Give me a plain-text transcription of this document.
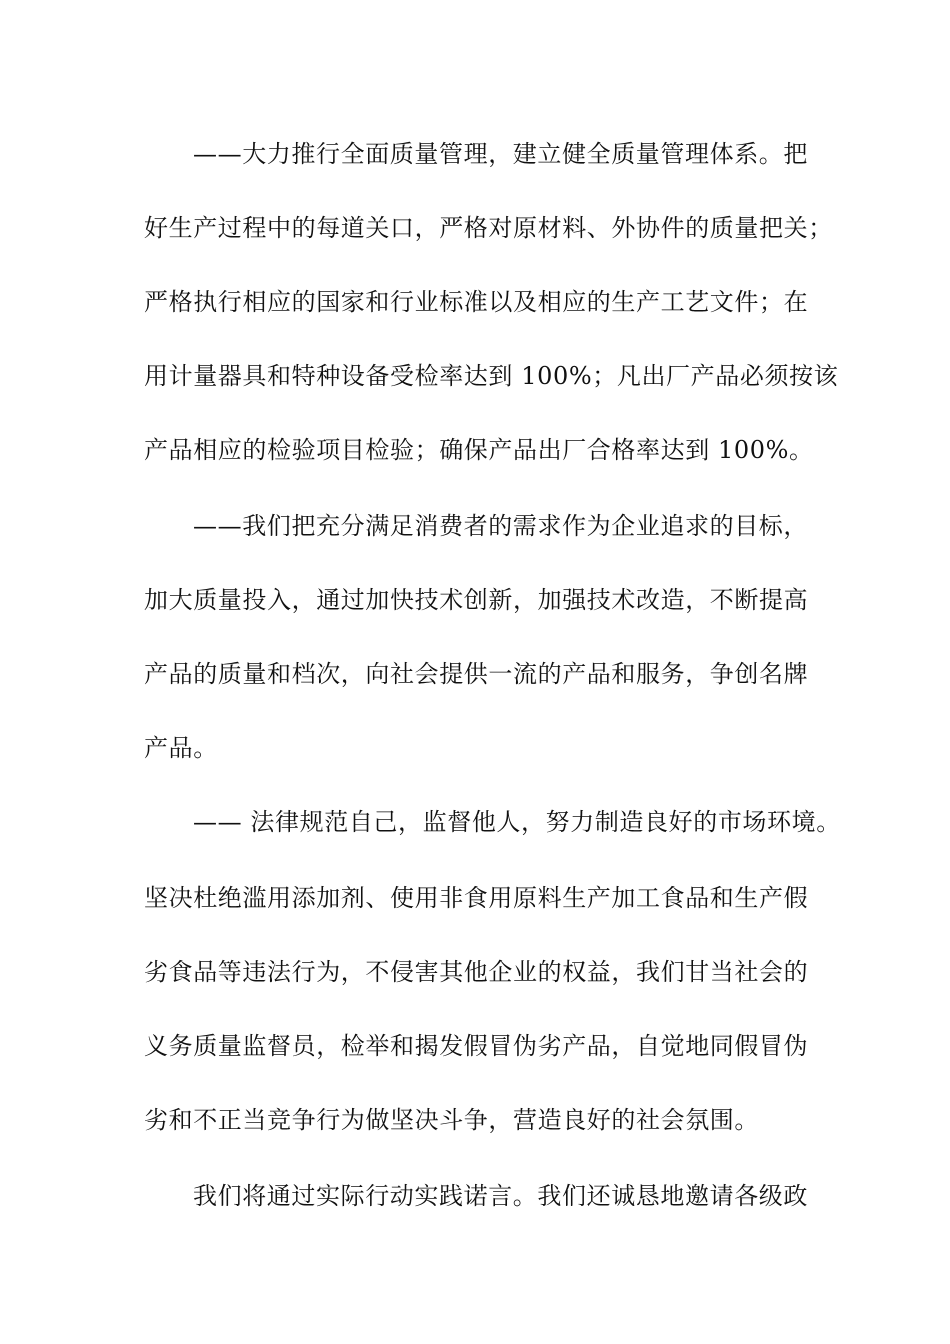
——大力推行全面质量管理，建立健全质量管理体系。把
好生产过程中的每道关口，严格对原材料、外协件的质量把关；
严格执行相应的国家和行业标准以及相应的生产工艺文件；在
用计量器具和特种设备受检率达到 100%；凡出厂产品必须按该
产品相应的检验项目检验；确保产品出厂合格率达到 100%。
——我们把充分满足消费者的需求作为企业追求的目标，
加大质量投入，通过加快技术创新，加强技术改造，不断提高
产品的质量和档次，向社会提供一流的产品和服务，争创名牌
产品。
—— 法律规范自己，监督他人，努力制造良好的市场环境。
坚决杜绝滥用添加剂、使用非食用原料生产加工食品和生产假
劣食品等违法行为，不侵害其他企业的权益，我们甘当社会的
义务质量监督员，检举和揭发假冒伪劣产品，自觉地同假冒伪
劣和不正当竞争行为做坚决斗争，营造良好的社会氛围。
我们将通过实际行动实践诺言。我们还诚恳地邀请各级政
